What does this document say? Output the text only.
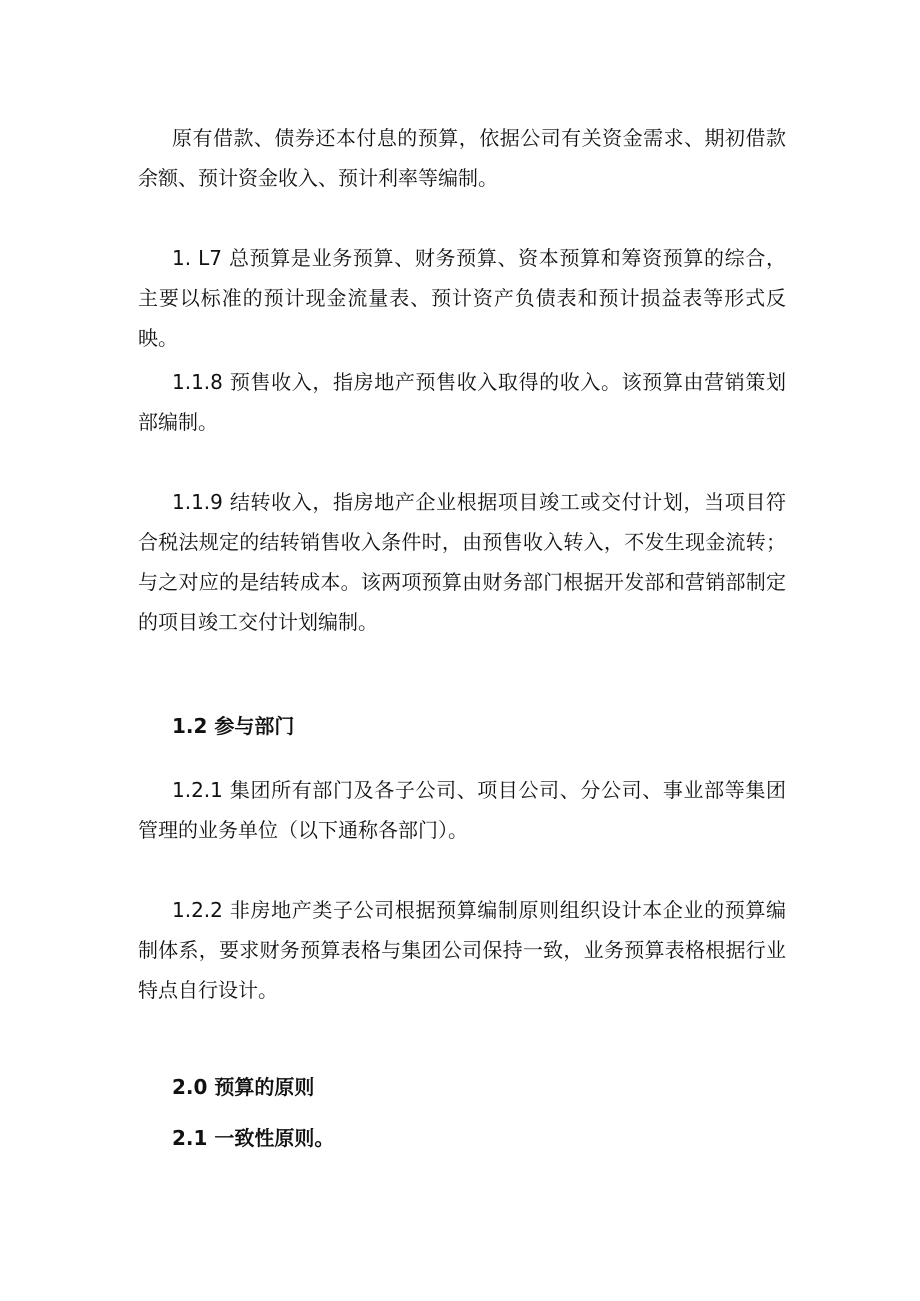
原有借款、债券还本付息的预算，依据公司有关资金需求、期初借款余额、预计资金收入、预计利率等编制。

1. L7 总预算是业务预算、财务预算、资本预算和筹资预算的综合，主要以标准的预计现金流量表、预计资产负债表和预计损益表等形式反映。

1.1.8 预售收入，指房地产预售收入取得的收入。该预算由营销策划部编制。

1.1.9 结转收入，指房地产企业根据项目竣工或交付计划，当项目符合税法规定的结转销售收入条件时，由预售收入转入，不发生现金流转；与之对应的是结转成本。该两项预算由财务部门根据开发部和营销部制定的项目竣工交付计划编制。

1.2 参与部门

1.2.1 集团所有部门及各子公司、项目公司、分公司、事业部等集团管理的业务单位（以下通称各部门）。

1.2.2 非房地产类子公司根据预算编制原则组织设计本企业的预算编制体系，要求财务预算表格与集团公司保持一致，业务预算表格根据行业特点自行设计。

2.0 预算的原则
2.1 一致性原则。
